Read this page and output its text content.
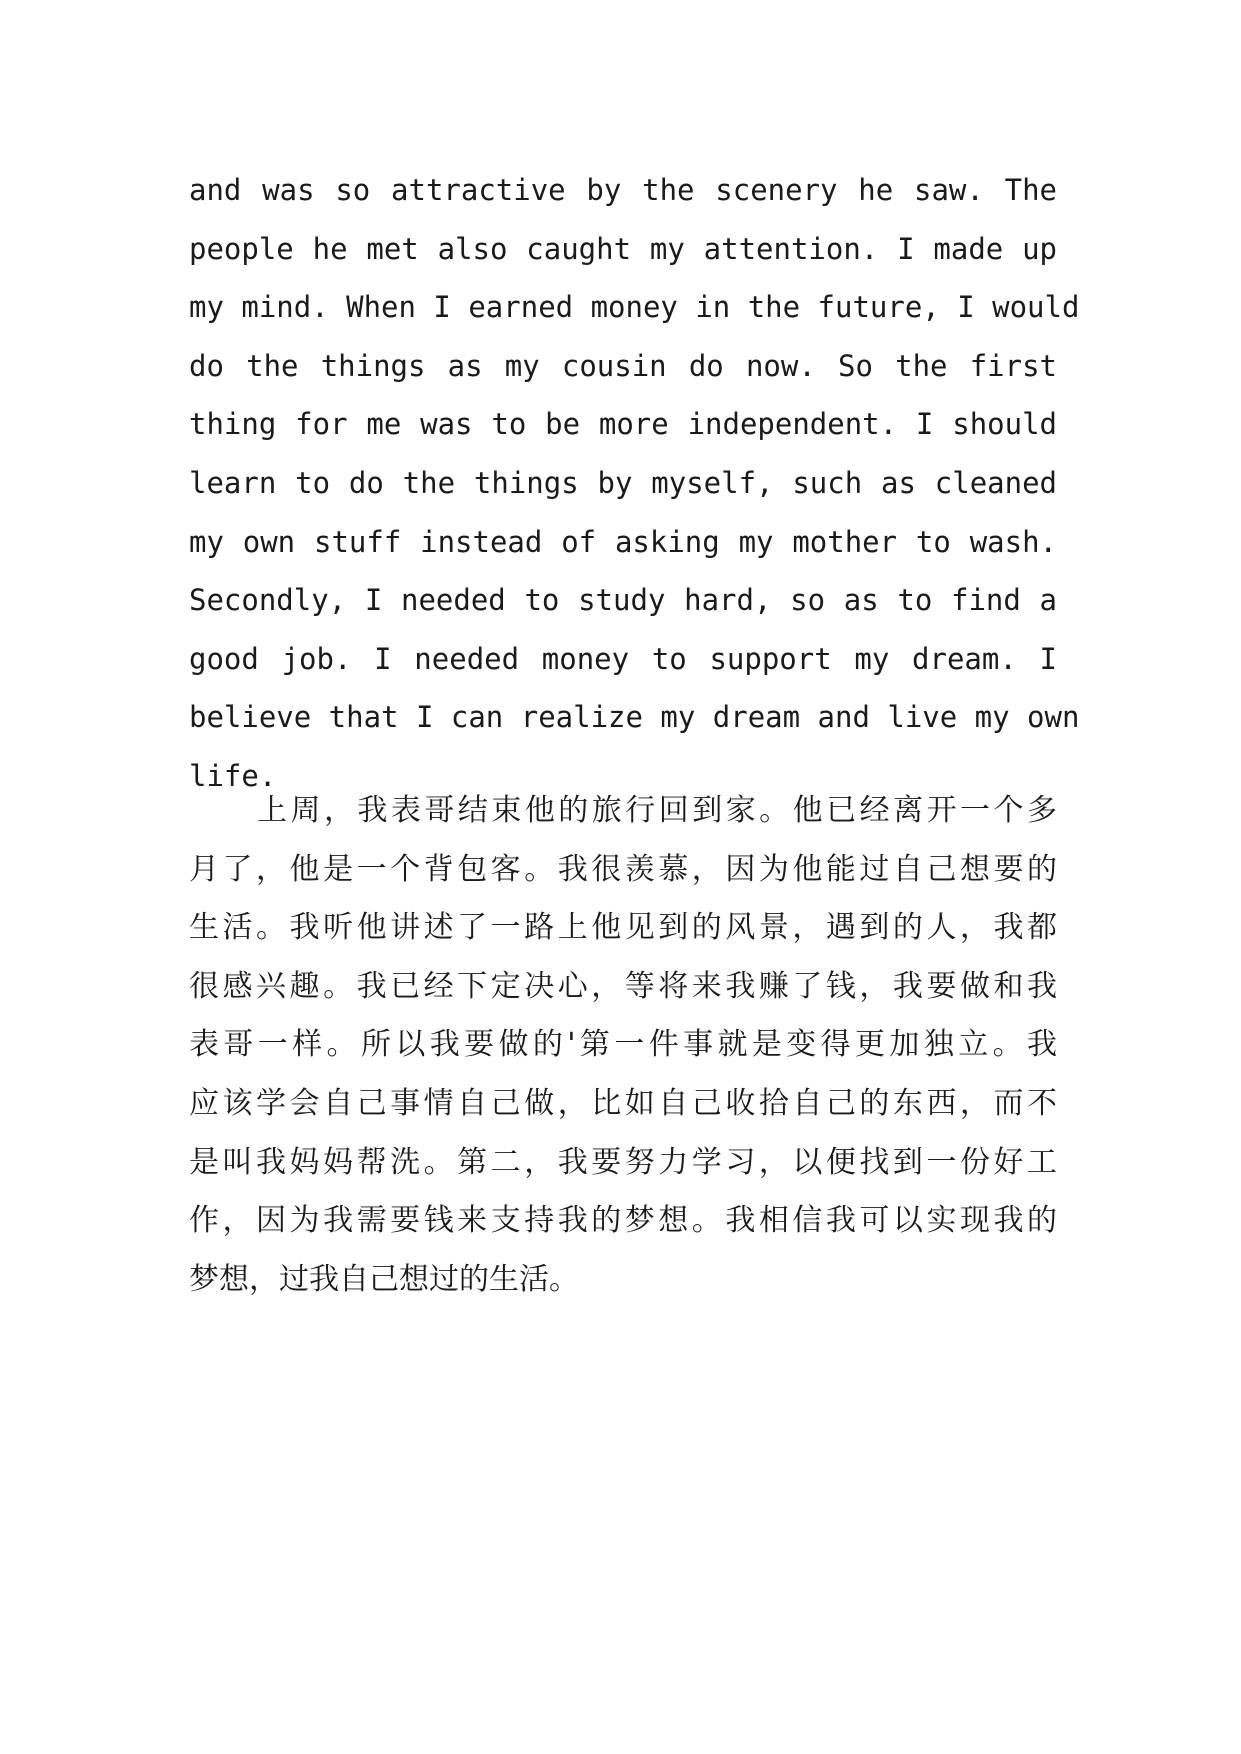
and was so attractive by the scenery he saw. The
people he met also caught my attention. I made up
my mind. When I earned money in the future, I would
do the things as my cousin do now. So the first
thing for me was to be more independent. I should
learn to do the things by myself, such as cleaned
my own stuff instead of asking my mother to wash.
Secondly, I needed to study hard, so as to find a
good job. I needed money to support my dream. I
believe that I can realize my dream and live my own
life.
上周，我表哥结束他的旅行回到家。他已经离开一个多
月了，他是一个背包客。我很羡慕，因为他能过自己想要的
生活。我听他讲述了一路上他见到的风景，遇到的人，我都
很感兴趣。我已经下定决心，等将来我赚了钱，我要做和我
表哥一样。所以我要做的'第一件事就是变得更加独立。我
应该学会自己事情自己做，比如自己收拾自己的东西，而不
是叫我妈妈帮洗。第二，我要努力学习，以便找到一份好工
作，因为我需要钱来支持我的梦想。我相信我可以实现我的
梦想，过我自己想过的生活。
